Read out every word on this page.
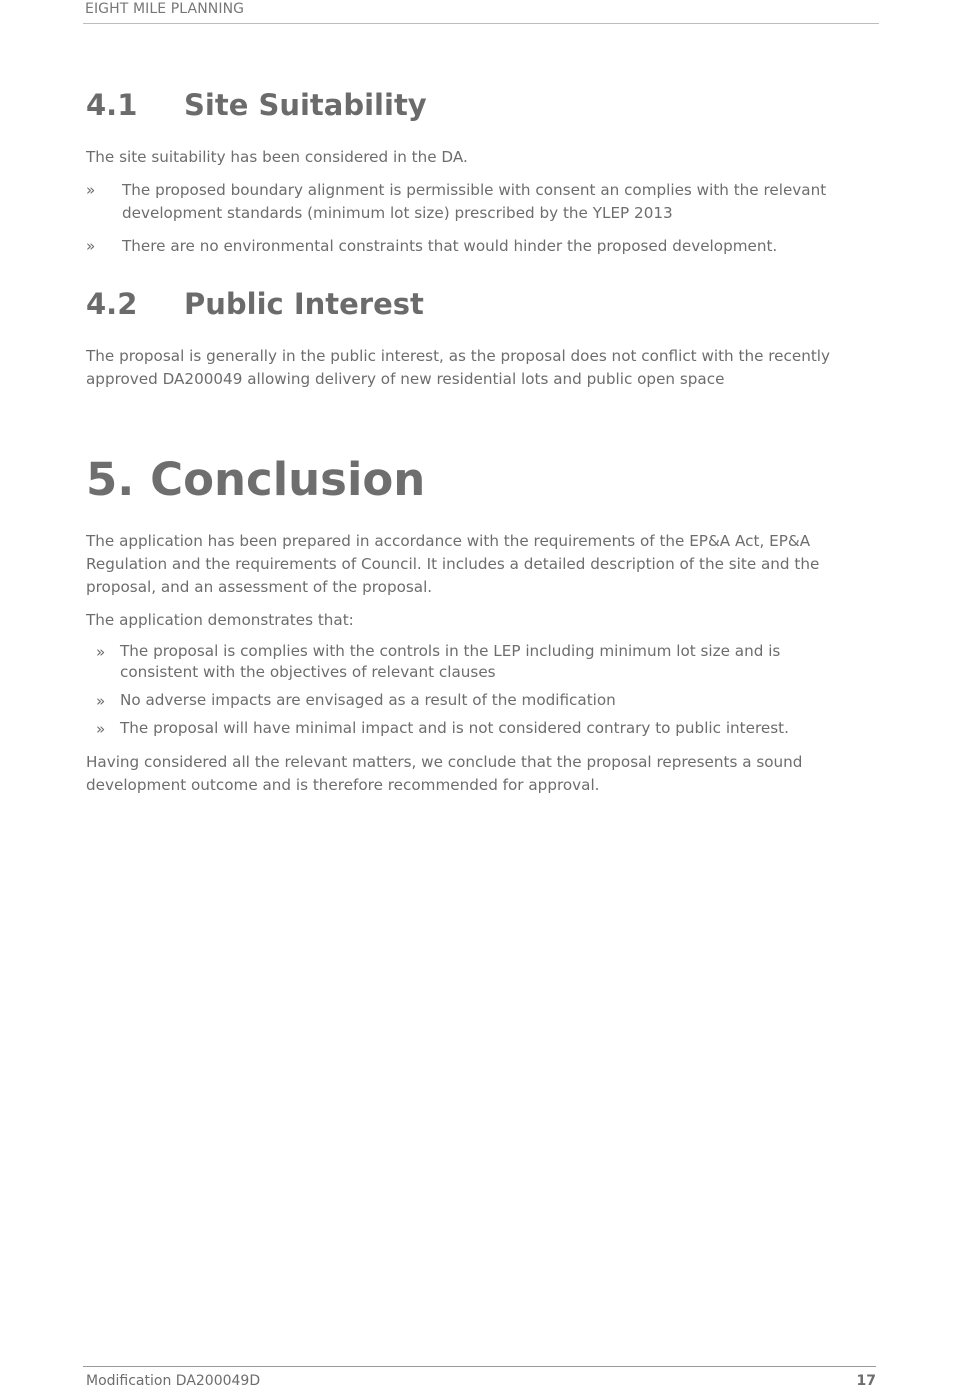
EIGHT MILE PLANNING
4.1 Site Suitability
The site suitability has been considered in the DA.
»	The proposed boundary alignment is permissible with consent an complies with the relevant development standards (minimum lot size) prescribed by the YLEP 2013
»	There are no environmental constraints that would hinder the proposed development.
4.2 Public Interest
The proposal is generally in the public interest, as the proposal does not conflict with the recently approved DA200049 allowing delivery of new residential lots and public open space
5. Conclusion
The application has been prepared in accordance with the requirements of the EP&A Act, EP&A Regulation and the requirements of Council. It includes a detailed description of the site and the proposal, and an assessment of the proposal.
The application demonstrates that:
» The proposal is complies with the controls in the LEP including minimum lot size and is consistent with the objectives of relevant clauses
» No adverse impacts are envisaged as a result of the modification
» The proposal will have minimal impact and is not considered contrary to public interest.
Having considered all the relevant matters, we conclude that the proposal represents a sound development outcome and is therefore recommended for approval.
Modification DA200049D	17
